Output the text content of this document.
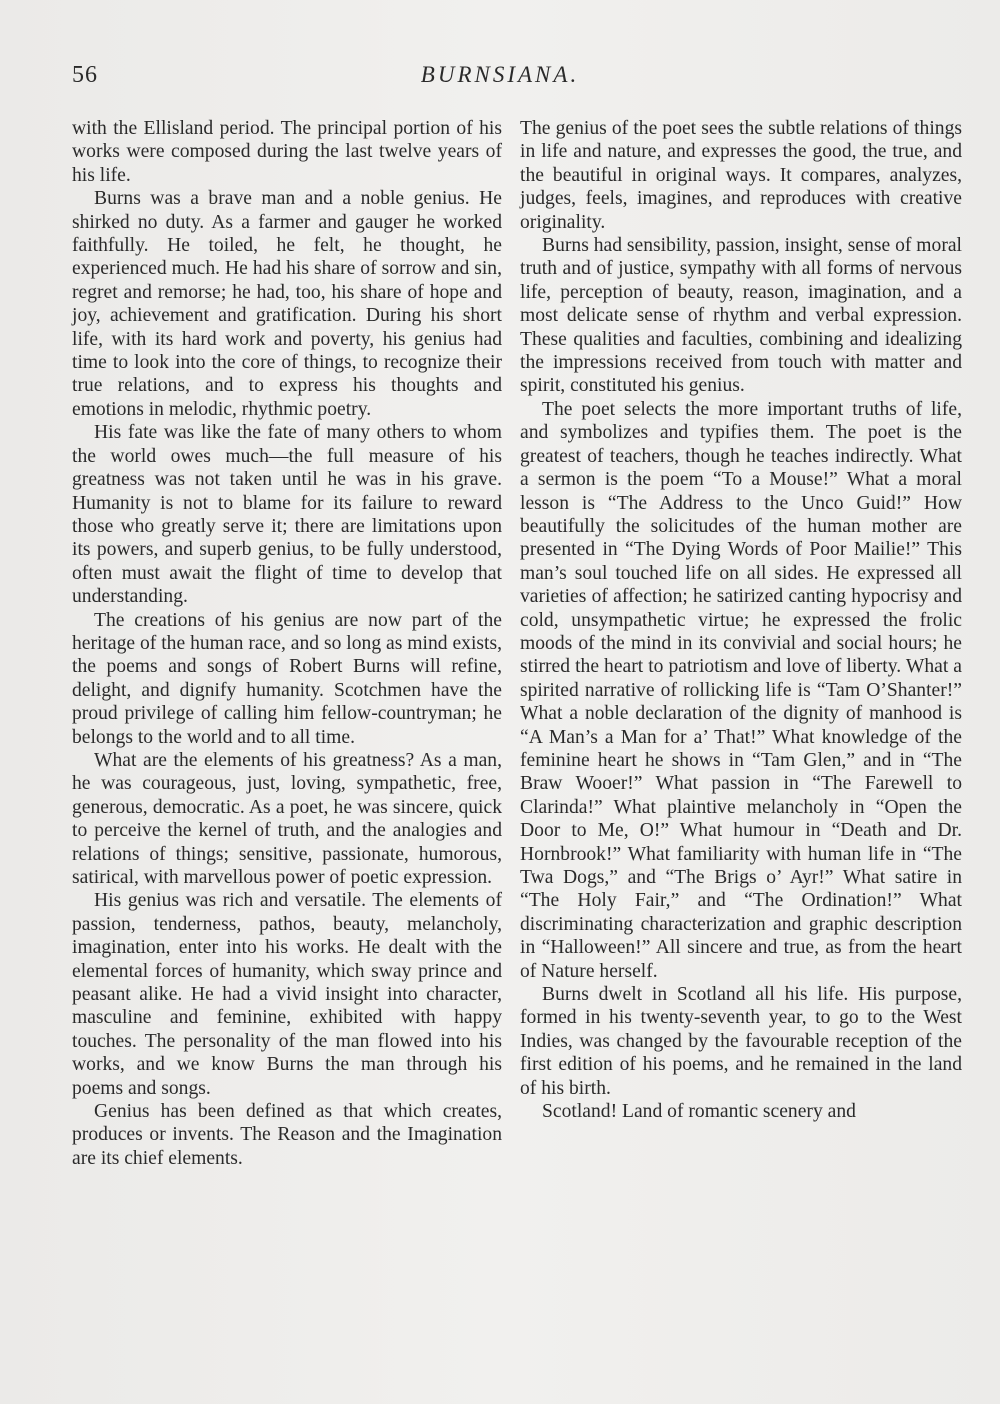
56	BURNSIANA.

with the Ellisland period. The principal portion of his works were composed during the last twelve years of his life.

Burns was a brave man and a noble genius. He shirked no duty. As a farmer and gauger he worked faithfully. He toiled, he felt, he thought, he experienced much. He had his share of sorrow and sin, regret and remorse; he had, too, his share of hope and joy, achievement and gratification. During his short life, with its hard work and poverty, his genius had time to look into the core of things, to recognize their true relations, and to express his thoughts and emotions in melodic, rhythmic poetry.

His fate was like the fate of many others to whom the world owes much—the full measure of his greatness was not taken until he was in his grave. Humanity is not to blame for its failure to reward those who greatly serve it; there are limitations upon its powers, and superb genius, to be fully understood, often must await the flight of time to develop that understanding.

The creations of his genius are now part of the heritage of the human race, and so long as mind exists, the poems and songs of Robert Burns will refine, delight, and dignify humanity. Scotchmen have the proud privilege of calling him fellow-countryman; he belongs to the world and to all time.

What are the elements of his greatness? As a man, he was courageous, just, loving, sympathetic, free, generous, democratic. As a poet, he was sincere, quick to perceive the kernel of truth, and the analogies and relations of things; sensitive, passionate, humorous, satirical, with marvellous power of poetic expression.

His genius was rich and versatile. The elements of passion, tenderness, pathos, beauty, melancholy, imagination, enter into his works. He dealt with the elemental forces of humanity, which sway prince and peasant alike. He had a vivid insight into character, masculine and feminine, exhibited with happy touches. The personality of the man flowed into his works, and we know Burns the man through his poems and songs.

Genius has been defined as that which creates, produces or invents. The Reason and the Imagination are its chief elements.

The genius of the poet sees the subtle relations of things in life and nature, and expresses the good, the true, and the beautiful in original ways. It compares, analyzes, judges, feels, imagines, and reproduces with creative originality.

Burns had sensibility, passion, insight, sense of moral truth and of justice, sympathy with all forms of nervous life, perception of beauty, reason, imagination, and a most delicate sense of rhythm and verbal expression. These qualities and faculties, combining and idealizing the impressions received from touch with matter and spirit, constituted his genius.

The poet selects the more important truths of life, and symbolizes and typifies them. The poet is the greatest of teachers, though he teaches indirectly. What a sermon is the poem “To a Mouse!” What a moral lesson is “The Address to the Unco Guid!” How beautifully the solicitudes of the human mother are presented in “The Dying Words of Poor Mailie!” This man’s soul touched life on all sides. He expressed all varieties of affection; he satirized canting hypocrisy and cold, unsympathetic virtue; he expressed the frolic moods of the mind in its convivial and social hours; he stirred the heart to patriotism and love of liberty. What a spirited narrative of rollicking life is “Tam O’Shanter!” What a noble declaration of the dignity of manhood is “A Man’s a Man for a’ That!” What knowledge of the feminine heart he shows in “Tam Glen,” and in “The Braw Wooer!” What passion in “The Farewell to Clarinda!” What plaintive melancholy in “Open the Door to Me, O!” What humour in “Death and Dr. Hornbrook!” What familiarity with human life in “The Twa Dogs,” and “The Brigs o’ Ayr!” What satire in “The Holy Fair,” and “The Ordination!” What discriminating characterization and graphic description in “Halloween!” All sincere and true, as from the heart of Nature herself.

Burns dwelt in Scotland all his life. His purpose, formed in his twenty-seventh year, to go to the West Indies, was changed by the favourable reception of the first edition of his poems, and he remained in the land of his birth.

Scotland! Land of romantic scenery and
